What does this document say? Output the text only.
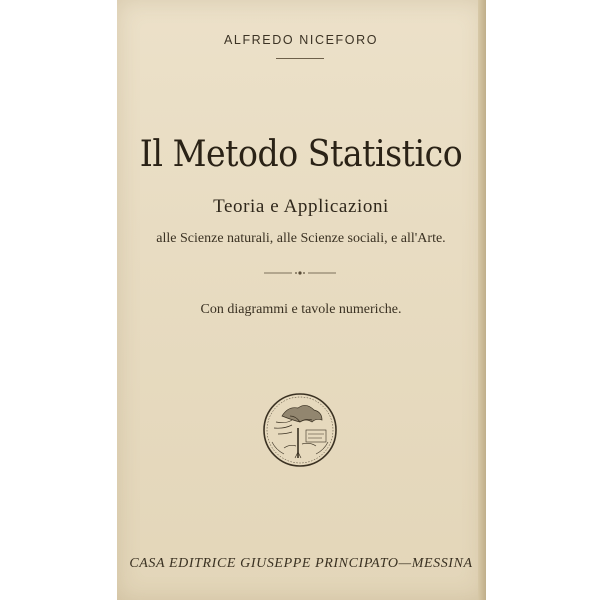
ALFREDO NICEFORO
Il Metodo Statistico
Teoria e Applicazioni
alle Scienze naturali, alle Scienze sociali, e all'Arte.
Con diagrammi e tavole numeriche.
CASA EDITRICE GIUSEPPE PRINCIPATO—MESSINA
